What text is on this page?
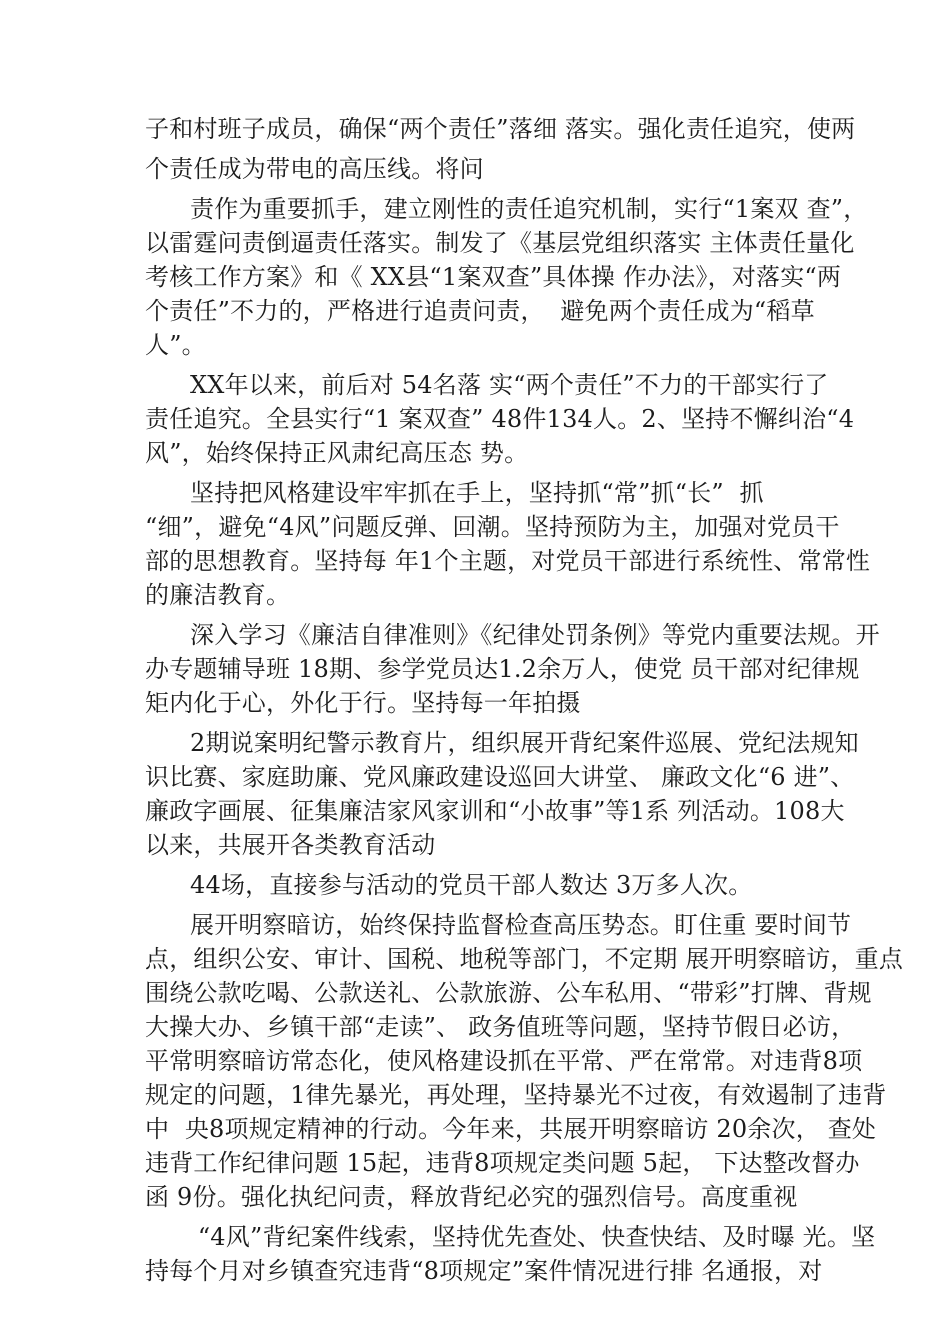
子和村班子成员，确保“两个责任”落细 落实。强化责任追究，使两
个责任成为带电的高压线。将问
责作为重要抓手，建立刚性的责任追究机制，实行“1案双 查”，
以雷霆问责倒逼责任落实。制发了《基层党组织落实 主体责任量化
考核工作方案》和《 XX县“1案双查”具体操 作办法》，对落实“两
个责任”不力的，严格进行追责问责，  避免两个责任成为“稻草
人”。
XX年以来，前后对 54名落 实“两个责任”不力的干部实行了
责任追究。全县实行“1 案双查” 48件134人。2、坚持不懈纠治“4
风”，始终保持正风肃纪高压态 势。
坚持把风格建设牢牢抓在手上，坚持抓“常”抓“长”  抓
“细”，避免“4风”问题反弹、回潮。坚持预防为主，加强对党员干
部的思想教育。坚持每 年1个主题，对党员干部进行系统性、常常性
的廉洁教育。
深入学习《廉洁自律准则》《纪律处罚条例》等党内重要法规。开
办专题辅导班 18期、参学党员达1.2余万人，使党 员干部对纪律规
矩内化于心，外化于行。坚持每一年拍摄
2期说案明纪警示教育片，组织展开背纪案件巡展、党纪法规知
识比赛、家庭助廉、党风廉政建设巡回大讲堂、 廉政文化“6 进”、
廉政字画展、征集廉洁家风家训和“小故事”等1系 列活动。108大
以来，共展开各类教育活动
44场，直接参与活动的党员干部人数达 3万多人次。
展开明察暗访，始终保持监督检查高压势态。盯住重 要时间节
点，组织公安、审计、国税、地税等部门，不定期 展开明察暗访，重点
围绕公款吃喝、公款送礼、公款旅游、公车私用、“带彩”打牌、背规
大操大办、乡镇干部“走读”、 政务值班等问题，坚持节假日必访，
平常明察暗访常态化，使风格建设抓在平常、严在常常。对违背8项
规定的问题，1律先暴光，再处理，坚持暴光不过夜，有效遏制了违背
中  央8项规定精神的行动。今年来，共展开明察暗访 20余次， 查处
违背工作纪律问题 15起，违背8项规定类问题 5起， 下达整改督办
函 9份。强化执纪问责，释放背纪必究的强烈信号。高度重视
“4风”背纪案件线索，坚持优先查处、快查快结、及时曝 光。坚
持每个月对乡镇查究违背“8项规定”案件情况进行排 名通报，对
